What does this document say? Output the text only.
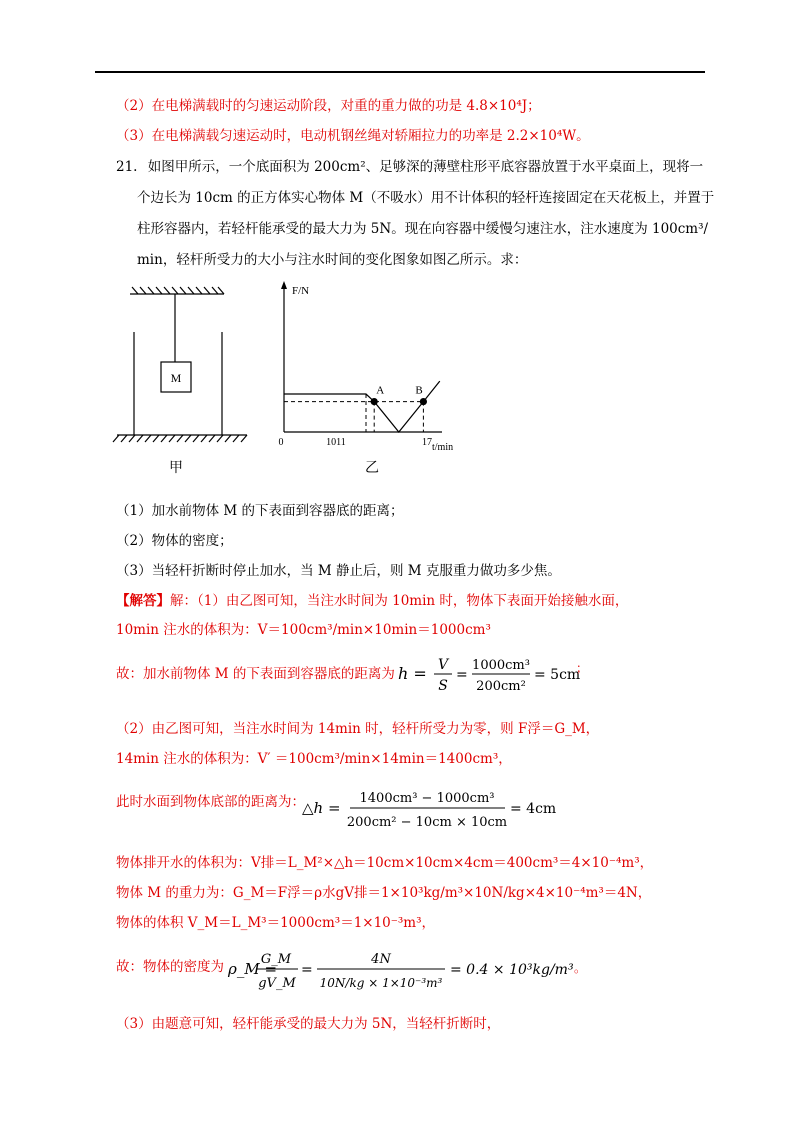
（2）在电梯满载时的匀速运动阶段，对重的重力做的功是 4.8×10⁴J；
（3）在电梯满载匀速运动时，电动机钢丝绳对轿厢拉力的功率是 2.2×10⁴W。
21. 如图甲所示，一个底面积为 200cm²、足够深的薄壁柱形平底容器放置于水平桌面上，现将一
个边长为 10cm 的正方体实心物体 M（不吸水）用不计体积的轻杆连接固定在天花板上，并置于
柱形容器内，若轻杆能承受的最大力为 5N。现在向容器中缓慢匀速注水，注水速度为 100cm³/
min，轻杆所受力的大小与注水时间的变化图象如图乙所示。求：
M
甲
F/N
t/min
0	1011	17
乙
A	B
（1）加水前物体 M 的下表面到容器底的距离；
（2）物体的密度；
（3）当轻杆折断时停止加水，当 M 静止后，则 M 克服重力做功多少焦。
【解答】解：（1）由乙图可知，当注水时间为 10min 时，物体下表面开始接触水面，
10min 注水的体积为：V＝100cm³/min×10min＝1000cm³
故：加水前物体 M 的下表面到容器底的距离为 h = V
S
=
1000cm³
200cm²
= 5cm
；
（2）由乙图可知，当注水时间为 14min 时，轻杆所受力为零，则 F浮＝G_M，
14min 注水的体积为：V′ ＝100cm³/min×14min＝1400cm³，
此时水面到物体底部的距离为：
△h =
1400cm³ − 1000cm³
200cm² − 10cm × 10cm
= 4cm
物体排开水的体积为：V排＝L_M²×△h＝10cm×10cm×4cm＝400cm³＝4×10⁻⁴m³，
物体 M 的重力为：G_M＝F浮＝ρ水gV排＝1×10³kg/m³×10N/kg×4×10⁻⁴m³＝4N，
物体的体积 V_M＝L_M³＝1000cm³＝1×10⁻³m³，
故：物体的密度为 ρ_M =
G_M
gV_M
=
4N
10N/kg × 1×10⁻³m³
= 0.4 × 10³kg/m³ 。
（3）由题意可知，轻杆能承受的最大力为 5N，当轻杆折断时，
